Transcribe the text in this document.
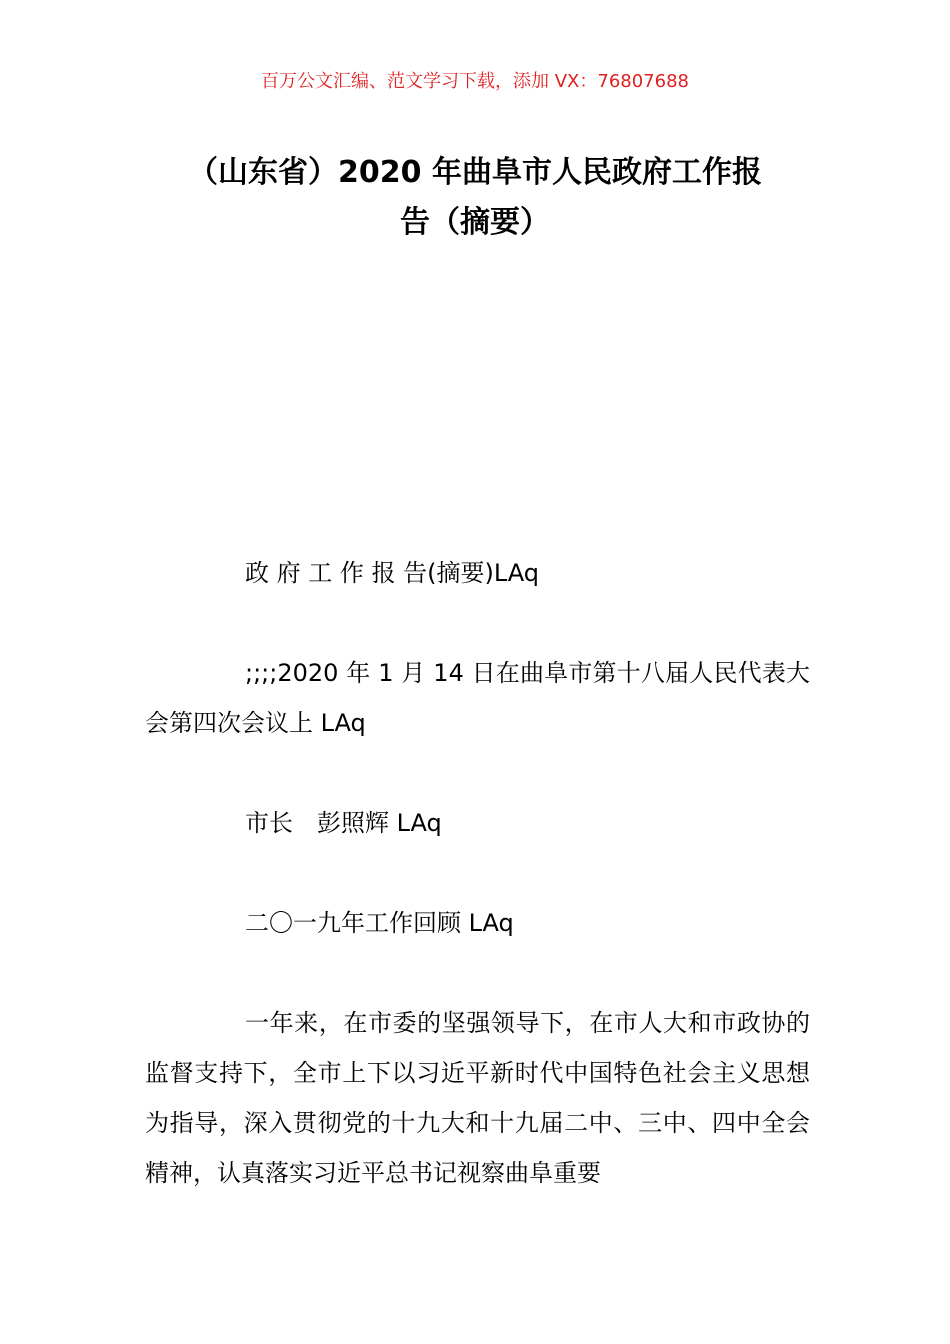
百万公文汇编、范文学习下载，添加 VX：76807688
（山东省）2020 年曲阜市人民政府工作报
告（摘要）

政 府 工 作 报 告(摘要)LAq

;;;;2020 年 1 月 14 日在曲阜市第十八届人民代表大会第四次会议上 LAq

市长　彭照辉 LAq

二〇一九年工作回顾 LAq

一年来，在市委的坚强领导下，在市人大和市政协的监督支持下，全市上下以习近平新时代中国特色社会主义思想为指导，深入贯彻党的十九大和十九届二中、三中、四中全会精神，认真落实习近平总书记视察曲阜重要
